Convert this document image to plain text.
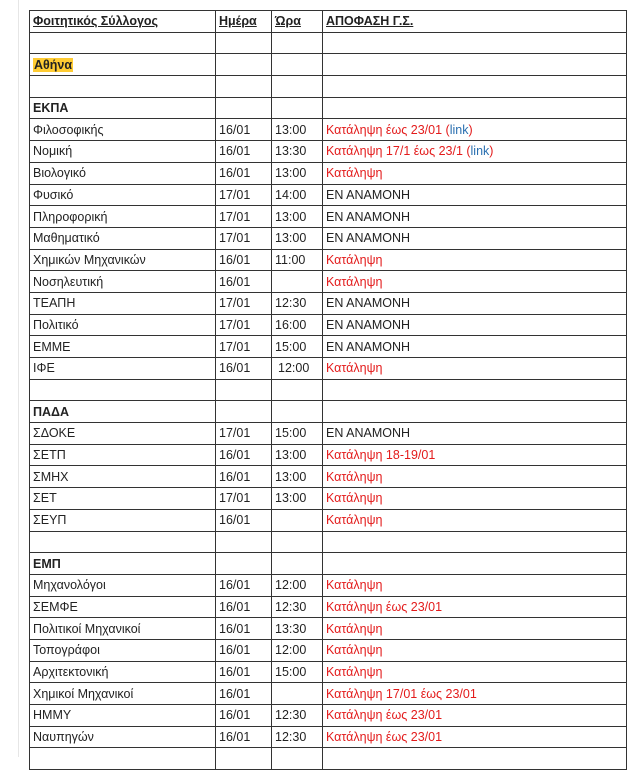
Φοιτητικός Σύλλογος	Ημέρα	Ώρα	ΑΠΟΦΑΣΗ Γ.Σ.

Αθήνα			

ΕΚΠΑ			
Φιλοσοφικής	16/01	13:00	Κατάληψη έως 23/01 (link)
Νομική	16/01	13:30	Κατάληψη 17/1 έως 23/1 (link)
Βιολογικό	16/01	13:00	Κατάληψη
Φυσικό	17/01	14:00	ΕΝ ΑΝΑΜΟΝΗ
Πληροφορική	17/01	13:00	ΕΝ ΑΝΑΜΟΝΗ
Μαθηματικό	17/01	13:00	ΕΝ ΑΝΑΜΟΝΗ
Χημικών Μηχανικών	16/01	11:00	Κατάληψη
Νοσηλευτική	16/01		Κατάληψη
ΤΕΑΠΗ	17/01	12:30	ΕΝ ΑΝΑΜΟΝΗ
Πολιτικό	17/01	16:00	ΕΝ ΑΝΑΜΟΝΗ
ΕΜΜΕ	17/01	15:00	ΕΝ ΑΝΑΜΟΝΗ
ΙΦΕ	16/01	12:00	Κατάληψη

ΠΑΔΑ			
ΣΔΟΚΕ	17/01	15:00	ΕΝ ΑΝΑΜΟΝΗ
ΣΕΤΠ	16/01	13:00	Κατάληψη 18-19/01
ΣΜΗΧ	16/01	13:00	Κατάληψη
ΣΕΤ	17/01	13:00	Κατάληψη
ΣΕΥΠ	16/01		Κατάληψη

ΕΜΠ			
Μηχανολόγοι	16/01	12:00	Κατάληψη
ΣΕΜΦΕ	16/01	12:30	Κατάληψη έως 23/01
Πολιτικοί Μηχανικοί	16/01	13:30	Κατάληψη
Τοπογράφοι	16/01	12:00	Κατάληψη
Αρχιτεκτονική	16/01	15:00	Κατάληψη
Χημικοί Μηχανικοί	16/01		Κατάληψη 17/01 έως 23/01
ΗΜΜΥ	16/01	12:30	Κατάληψη έως 23/01
Ναυπηγών	16/01	12:30	Κατάληψη έως 23/01
